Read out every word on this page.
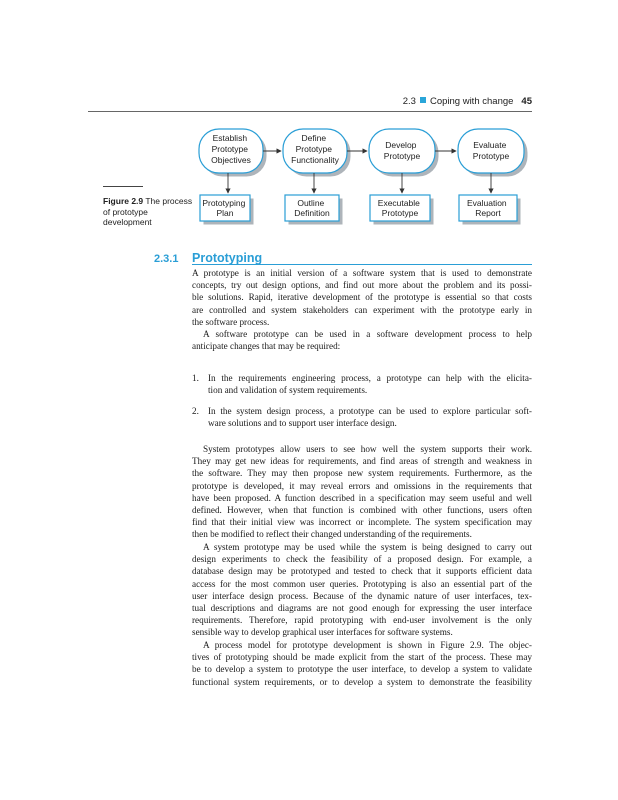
2.3 Coping with change 45
Establish Prototype Objectives
Define Prototype Functionality
Develop Prototype
Evaluate Prototype
Prototyping Plan
Outline Definition
Executable Prototype
Evaluation Report
Figure 2.9 The process
of prototype
development
2.3.1 Prototyping
A prototype is an initial version of a software system that is used to demonstrate
concepts, try out design options, and find out more about the problem and its possi-
ble solutions. Rapid, iterative development of the prototype is essential so that costs
are controlled and system stakeholders can experiment with the prototype early in
the software process.
A software prototype can be used in a software development process to help
anticipate changes that may be required:
1. In the requirements engineering process, a prototype can help with the elicita-
tion and validation of system requirements.
2. In the system design process, a prototype can be used to explore particular soft-
ware solutions and to support user interface design.
System prototypes allow users to see how well the system supports their work.
They may get new ideas for requirements, and find areas of strength and weakness in
the software. They may then propose new system requirements. Furthermore, as the
prototype is developed, it may reveal errors and omissions in the requirements that
have been proposed. A function described in a specification may seem useful and well
defined. However, when that function is combined with other functions, users often
find that their initial view was incorrect or incomplete. The system specification may
then be modified to reflect their changed understanding of the requirements.
A system prototype may be used while the system is being designed to carry out
design experiments to check the feasibility of a proposed design. For example, a
database design may be prototyped and tested to check that it supports efficient data
access for the most common user queries. Prototyping is also an essential part of the
user interface design process. Because of the dynamic nature of user interfaces, tex-
tual descriptions and diagrams are not good enough for expressing the user interface
requirements. Therefore, rapid prototyping with end-user involvement is the only
sensible way to develop graphical user interfaces for software systems.
A process model for prototype development is shown in Figure 2.9. The objec-
tives of prototyping should be made explicit from the start of the process. These may
be to develop a system to prototype the user interface, to develop a system to validate
functional system requirements, or to develop a system to demonstrate the feasibility
